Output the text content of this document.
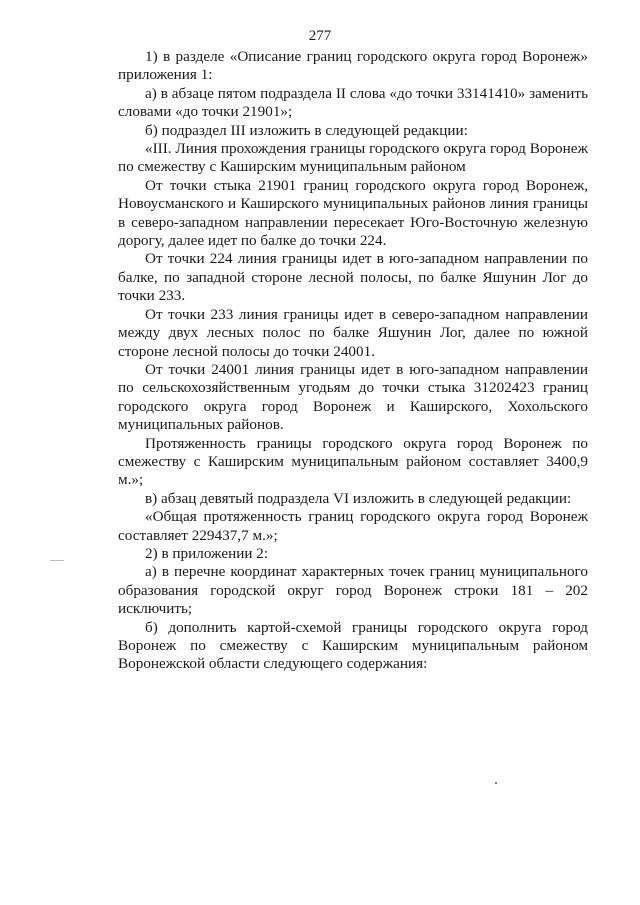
277

1) в разделе «Описание границ городского округа город Воронеж» приложения 1:

а) в абзаце пятом подраздела II слова «до точки 33141410» заменить словами «до точки 21901»;

б) подраздел III изложить в следующей редакции:

«III. Линия прохождения границы городского округа город Воронеж по смежеству с Каширским муниципальным районом

От точки стыка 21901 границ городского округа город Воронеж, Новоусманского и Каширского муниципальных районов линия границы в северо-западном направлении пересекает Юго-Восточную железную дорогу, далее идет по балке до точки 224.

От точки 224 линия границы идет в юго-западном направлении по балке, по западной стороне лесной полосы, по балке Яшунин Лог до точки 233.

От точки 233 линия границы идет в северо-западном направлении между двух лесных полос по балке Яшунин Лог, далее по южной стороне лесной полосы до точки 24001.

От точки 24001 линия границы идет в юго-западном направлении по сельскохозяйственным угодьям до точки стыка 31202423 границ городского округа город Воронеж и Каширского, Хохольского муниципальных районов.

Протяженность границы городского округа город Воронеж по смежеству с Каширским муниципальным районом составляет 3400,9 м.»;

в) абзац девятый подраздела VI изложить в следующей редакции:

«Общая протяженность границ городского округа город Воронеж составляет 229437,7 м.»;

2) в приложении 2:

а) в перечне координат характерных точек границ муниципального образования городской округ город Воронеж строки 181 – 202 исключить;

б) дополнить картой-схемой границы городского округа город Воронеж по смежеству с Каширским муниципальным районом Воронежской области следующего содержания:
